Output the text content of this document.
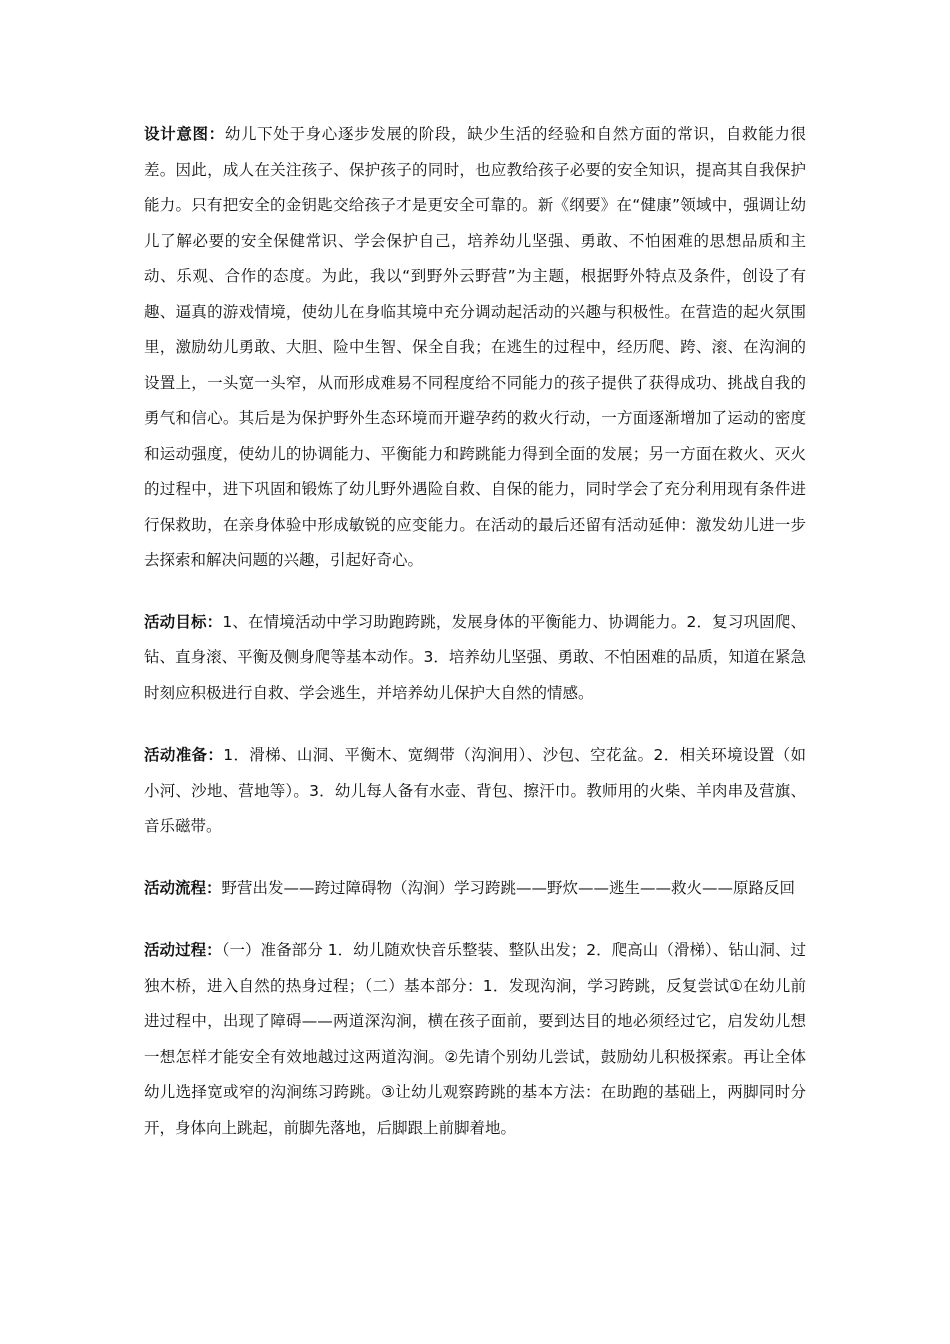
设计意图：幼儿下处于身心逐步发展的阶段，缺少生活的经验和自然方面的常识，自救能力很差。因此，成人在关注孩子、保护孩子的同时，也应教给孩子必要的安全知识，提高其自我保护能力。只有把安全的金钥匙交给孩子才是更安全可靠的。新《纲要》在“健康”领域中，强调让幼儿了解必要的安全保健常识、学会保护自己，培养幼儿坚强、勇敢、不怕困难的思想品质和主动、乐观、合作的态度。为此，我以“到野外云野营”为主题，根据野外特点及条件，创设了有趣、逼真的游戏情境，使幼儿在身临其境中充分调动起活动的兴趣与积极性。在营造的起火氛围里，激励幼儿勇敢、大胆、险中生智、保全自我；在逃生的过程中，经历爬、跨、滚、在沟涧的设置上，一头宽一头窄，从而形成难易不同程度给不同能力的孩子提供了获得成功、挑战自我的勇气和信心。其后是为保护野外生态环境而开避孕药的救火行动，一方面逐渐增加了运动的密度和运动强度，使幼儿的协调能力、平衡能力和跨跳能力得到全面的发展；另一方面在救火、灭火的过程中，进下巩固和锻炼了幼儿野外遇险自救、自保的能力，同时学会了充分利用现有条件进行保救助，在亲身体验中形成敏锐的应变能力。在活动的最后还留有活动延伸：激发幼儿进一步去探索和解决问题的兴趣，引起好奇心。

活动目标：1、在情境活动中学习助跑跨跳，发展身体的平衡能力、协调能力。2．复习巩固爬、钻、直身滚、平衡及侧身爬等基本动作。3．培养幼儿坚强、勇敢、不怕困难的品质，知道在紧急时刻应积极进行自救、学会逃生，并培养幼儿保护大自然的情感。

活动准备：1．滑梯、山洞、平衡木、宽绸带（沟涧用）、沙包、空花盆。2．相关环境设置（如小河、沙地、营地等）。3．幼儿每人备有水壶、背包、擦汗巾。教师用的火柴、羊肉串及营旗、音乐磁带。

活动流程：野营出发——跨过障碍物（沟涧）学习跨跳——野炊——逃生——救火——原路反回

活动过程：（一）准备部分 1．幼儿随欢快音乐整装、整队出发；2．爬高山（滑梯）、钻山洞、过独木桥，进入自然的热身过程；（二）基本部分：1．发现沟涧，学习跨跳，反复尝试①在幼儿前进过程中，出现了障碍——两道深沟涧，横在孩子面前，要到达目的地必须经过它，启发幼儿想一想怎样才能安全有效地越过这两道沟涧。②先请个别幼儿尝试，鼓励幼儿积极探索。再让全体幼儿选择宽或窄的沟涧练习跨跳。③让幼儿观察跨跳的基本方法：在助跑的基础上，两脚同时分开，身体向上跳起，前脚先落地，后脚跟上前脚着地。
